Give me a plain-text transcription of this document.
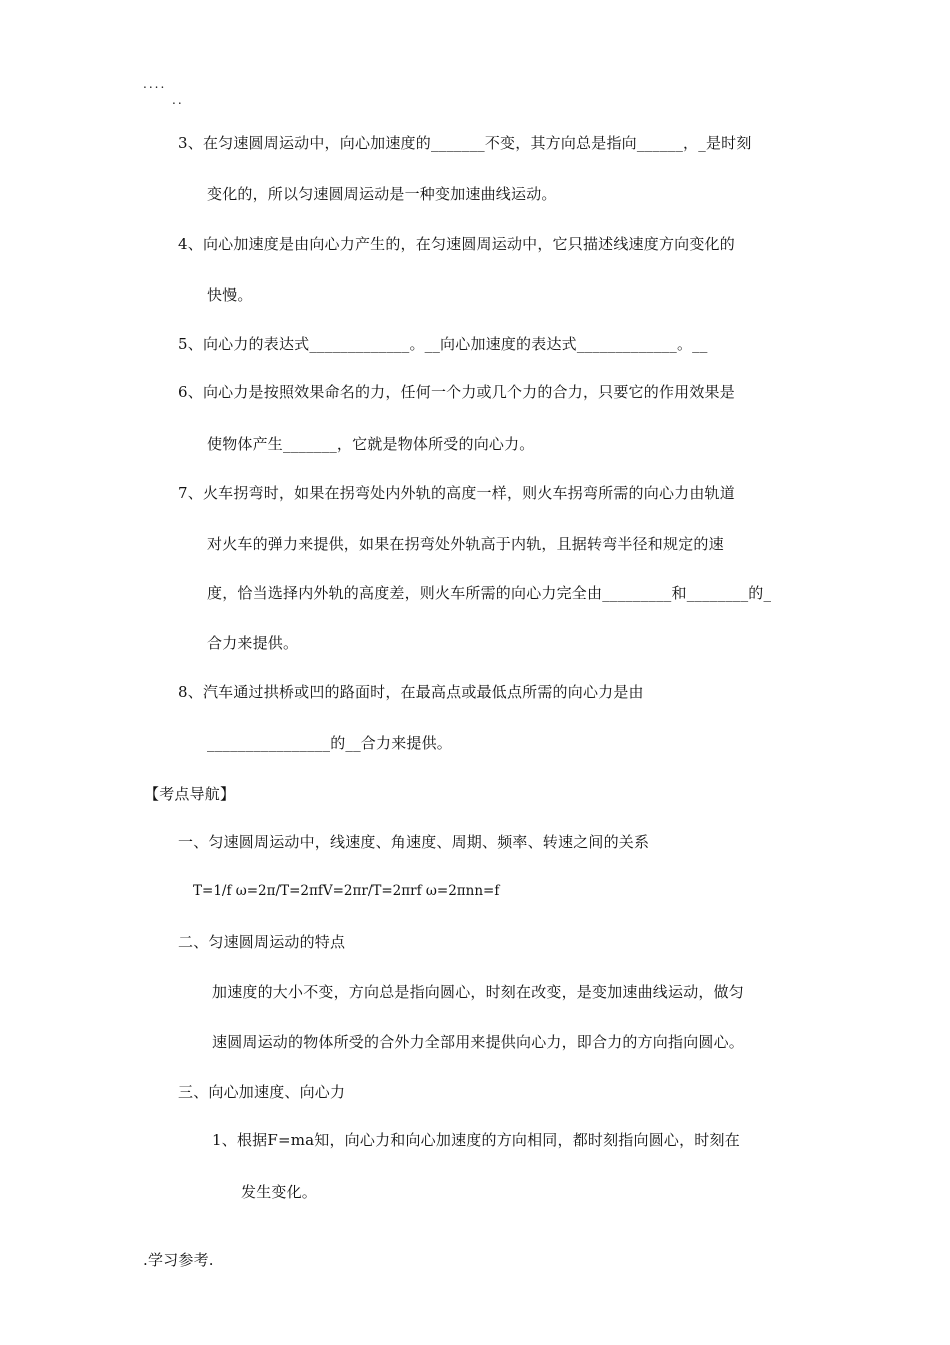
....
..
3、在匀速圆周运动中，向心加速度的_______不变，其方向总是指向______，_是时刻
变化的，所以匀速圆周运动是一种变加速曲线运动。
4、向心加速度是由向心力产生的，在匀速圆周运动中，它只描述线速度方向变化的
快慢。
5、向心力的表达式_____________。__向心加速度的表达式_____________。__
6、向心力是按照效果命名的力，任何一个力或几个力的合力，只要它的作用效果是
使物体产生_______，它就是物体所受的向心力。
7、火车拐弯时，如果在拐弯处内外轨的高度一样，则火车拐弯所需的向心力由轨道
对火车的弹力来提供，如果在拐弯处外轨高于内轨，且据转弯半径和规定的速
度，恰当选择内外轨的高度差，则火车所需的向心力完全由_________和________的_
合力来提供。
8、汽车通过拱桥或凹的路面时，在最高点或最低点所需的向心力是由
________________的__合力来提供。
【考点导航】
一、匀速圆周运动中，线速度、角速度、周期、频率、转速之间的关系
T=1/f ω=2π/T=2πfV=2πr/T=2πrf ω=2πnn=f
二、匀速圆周运动的特点
加速度的大小不变，方向总是指向圆心，时刻在改变，是变加速曲线运动，做匀
速圆周运动的物体所受的合外力全部用来提供向心力，即合力的方向指向圆心。
三、向心加速度、向心力
1、根据F=ma知，向心力和向心加速度的方向相同，都时刻指向圆心，时刻在
发生变化。
.学习参考.
